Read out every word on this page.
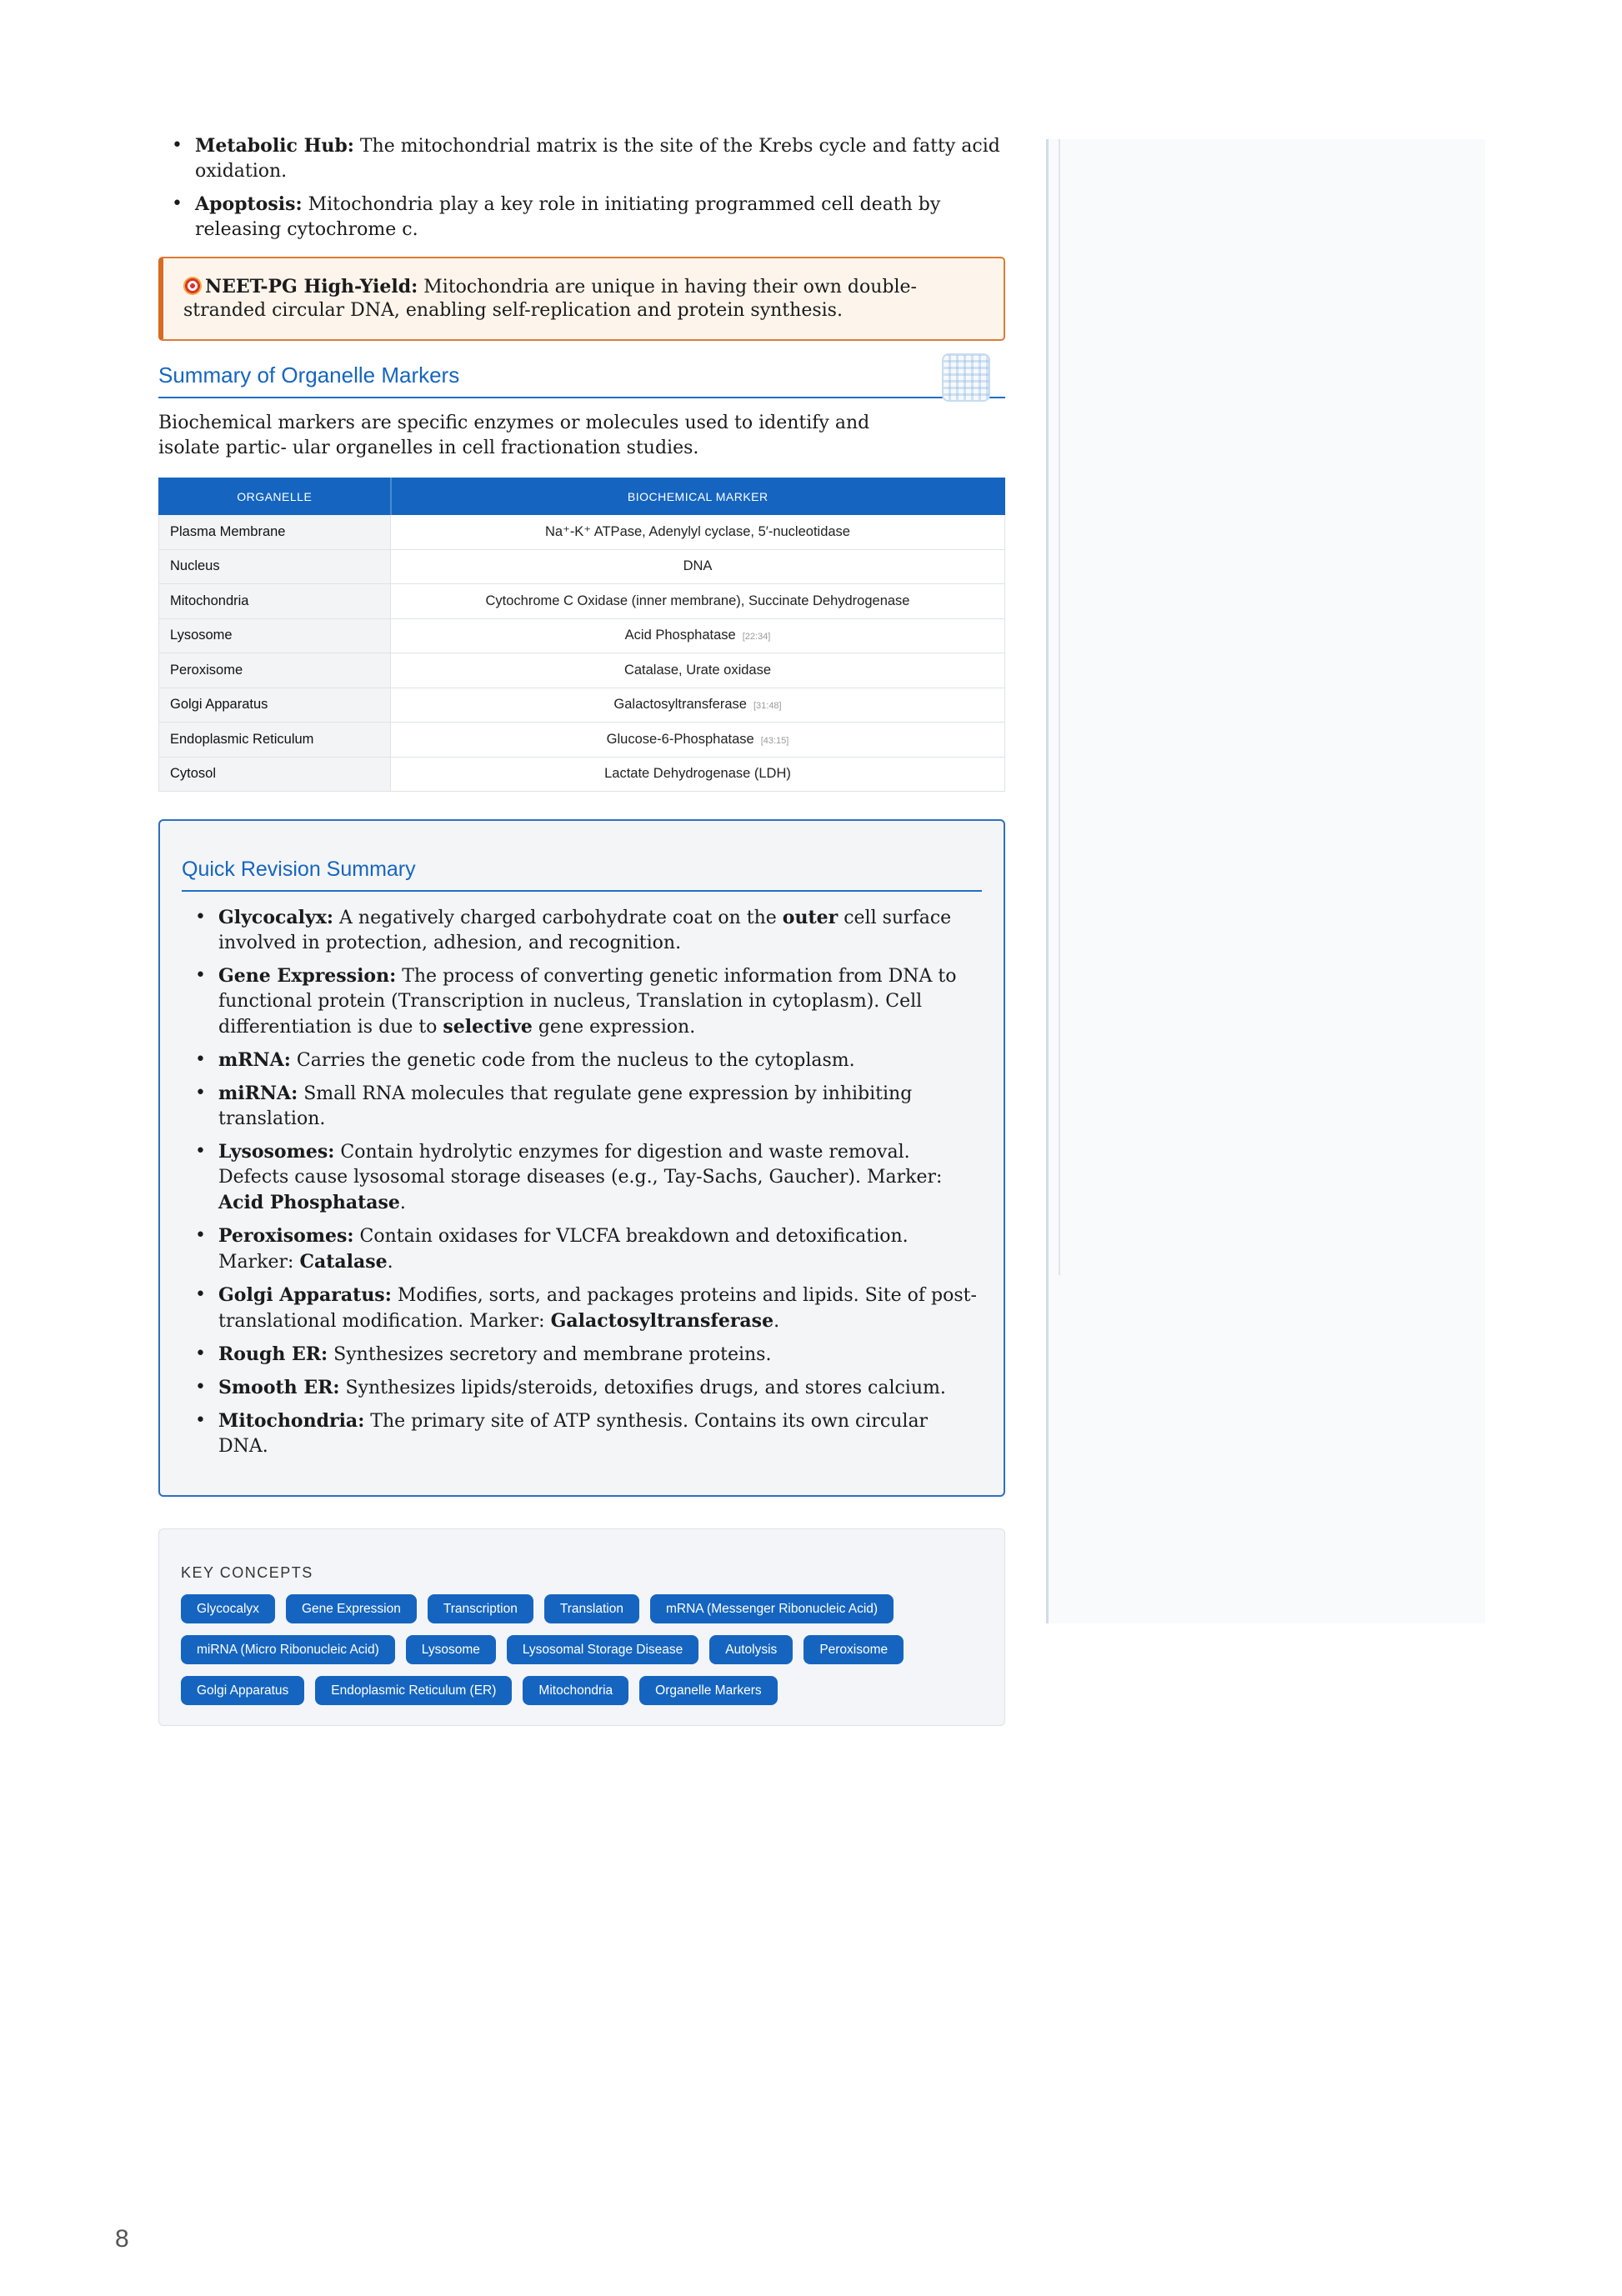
• Metabolic Hub: The mitochondrial matrix is the site of the Krebs cycle and fatty acid oxidation.
• Apoptosis: Mitochondria play a key role in initiating programmed cell death by releasing cytochrome c.
NEET-PG High-Yield: Mitochondria are unique in having their own double-stranded circular DNA, enabling self-replication and protein synthesis.
Summary of Organelle Markers

Biochemical markers are specific enzymes or molecules used to identify and isolate partic- ular organelles in cell fractionation studies.

ORGANELLE	BIOCHEMICAL MARKER
Plasma Membrane	Na⁺-K⁺ ATPase, Adenylyl cyclase, 5′-nucleotidase
Nucleus	DNA
Mitochondria	Cytochrome C Oxidase (inner membrane), Succinate Dehydrogenase
Lysosome	Acid Phosphatase [22:34]
Peroxisome	Catalase, Urate oxidase
Golgi Apparatus	Galactosyltransferase [31:48]
Endoplasmic Reticulum	Glucose-6-Phosphatase [43:15]
Cytosol	Lactate Dehydrogenase (LDH)
Quick Revision Summary
• Glycocalyx: A negatively charged carbohydrate coat on the outer cell surface involved in protection, adhesion, and recognition.
• Gene Expression: The process of converting genetic information from DNA to functional protein (Transcription in nucleus, Translation in cytoplasm). Cell differentiation is due to selective gene expression.
• mRNA: Carries the genetic code from the nucleus to the cytoplasm.
• miRNA: Small RNA molecules that regulate gene expression by inhibiting translation.
• Lysosomes: Contain hydrolytic enzymes for digestion and waste removal. Defects cause lysosomal storage diseases (e.g., Tay-Sachs, Gaucher). Marker: Acid Phosphatase.
• Peroxisomes: Contain oxidases for VLCFA breakdown and detoxification. Marker: Catalase.
• Golgi Apparatus: Modifies, sorts, and packages proteins and lipids. Site of post-translational modification. Marker: Galactosyltransferase.
• Rough ER: Synthesizes secretory and membrane proteins.
• Smooth ER: Synthesizes lipids/steroids, detoxifies drugs, and stores calcium.
• Mitochondria: The primary site of ATP synthesis. Contains its own circular DNA.
KEY CONCEPTS
Glycocalyx	Gene Expression	Transcription	Translation	mRNA (Messenger Ribonucleic Acid)
miRNA (Micro Ribonucleic Acid)	Lysosome	Lysosomal Storage Disease	Autolysis	Peroxisome
Golgi Apparatus	Endoplasmic Reticulum (ER)	Mitochondria	Organelle Markers
8
